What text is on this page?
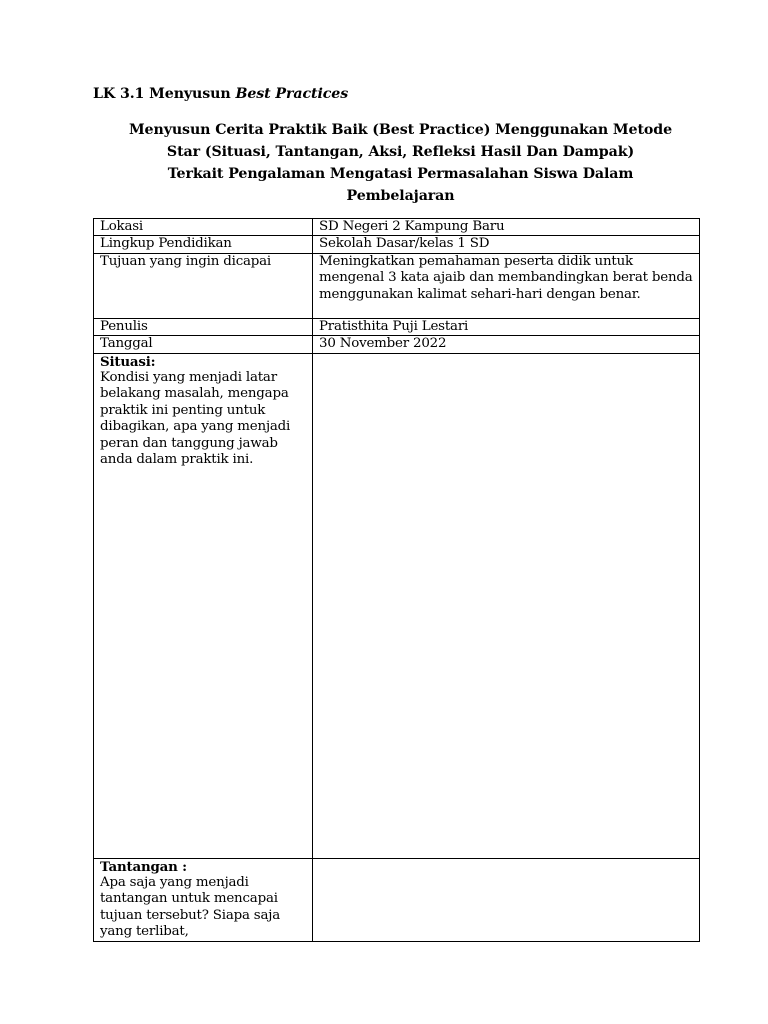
LK 3.1 Menyusun Best Practices
Menyusun Cerita Praktik Baik (Best Practice) Menggunakan Metode
Star (Situasi, Tantangan, Aksi, Refleksi Hasil Dan Dampak)
Terkait Pengalaman Mengatasi Permasalahan Siswa Dalam
Pembelajaran
Lokasi	SD Negeri 2 Kampung Baru
Lingkup Pendidikan	Sekolah Dasar/kelas 1 SD
Tujuan yang ingin dicapai	Meningkatkan pemahaman peserta didik untuk mengenal 3 kata ajaib dan membandingkan berat benda menggunakan kalimat sehari-hari dengan benar.
Penulis	Pratisthita Puji Lestari
Tanggal	30 November 2022

Situasi:
Kondisi yang menjadi latar belakang masalah, mengapa praktik ini penting untuk dibagikan, apa yang menjadi peran dan tanggung jawab anda dalam praktik ini.	

Tantangan :
Apa saja yang menjadi tantangan untuk mencapai tujuan tersebut? Siapa saja yang terlibat,	
